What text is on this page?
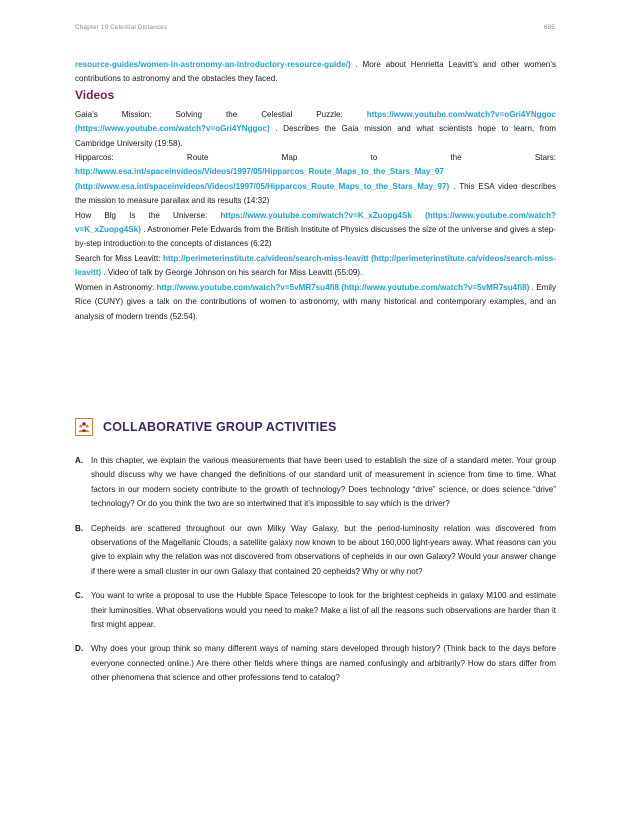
Chapter 19 Celestial Distances	685

resource-guides/women-in-astronomy-an-introductory-resource-guide/) . More about Henrietta Leavitt’s and other women’s contributions to astronomy and the obstacles they faced.

Videos

Gaia’s Mission: Solving the Celestial Puzzle:	https://www.youtube.com/watch?v=oGri4YNggoc (https://www.youtube.com/watch?v=oGri4YNggoc) . Describes the Gaia mission and what scientists hope to learn, from Cambridge University (19:58).

Hipparcos: Route Map to the Stars: http://www.esa.int/spaceinvideos/Videos/1997/05/Hipparcos_Route_Maps_to_the_Stars_May_97 (http://www.esa.int/spaceinvideos/Videos/1997/05/Hipparcos_Route_Maps_to_the_Stars_May_97) . This ESA video describes the mission to measure parallax and its results (14:32)

How Big Is the Universe: https://www.youtube.com/watch?v=K_xZuopg4Sk (https://www.youtube.com/watch?v=K_xZuopg4Sk) . Astronomer Pete Edwards from the British Institute of Physics discusses the size of the universe and gives a step-by-step introduction to the concepts of distances (6:22)

Search for Miss Leavitt: http://perimeterinstitute.ca/videos/search-miss-leavitt (http://perimeterinstitute.ca/videos/search-miss-leavitt) . Video of talk by George Johnson on his search for Miss Leavitt (55:09).

Women in Astronomy: http://www.youtube.com/watch?v=5vMR7su4fi8 (http://www.youtube.com/watch?v=5vMR7su4fi8) . Emily Rice (CUNY) gives a talk on the contributions of women to astronomy, with many historical and contemporary examples, and an analysis of modern trends (52:54).

COLLABORATIVE GROUP ACTIVITIES
A. In this chapter, we explain the various measurements that have been used to establish the size of a standard meter. Your group should discuss why we have changed the definitions of our standard unit of measurement in science from time to time. What factors in our modern society contribute to the growth of technology? Does technology “drive” science, or does science “drive” technology? Or do you think the two are so intertwined that it’s impossible to say which is the driver?

B. Cepheids are scattered throughout our own Milky Way Galaxy, but the period-luminosity relation was discovered from observations of the Magellanic Clouds, a satellite galaxy now known to be about 160,000 light-years away. What reasons can you give to explain why the relation was not discovered from observations of cepheids in our own Galaxy? Would your answer change if there were a small cluster in our own Galaxy that contained 20 cepheids? Why or why not?

C. You want to write a proposal to use the Hubble Space Telescope to look for the brightest cepheids in galaxy M100 and estimate their luminosities. What observations would you need to make? Make a list of all the reasons such observations are harder than it first might appear.

D. Why does your group think so many different ways of naming stars developed through history? (Think back to the days before everyone connected online.) Are there other fields where things are named confusingly and arbitrarily? How do stars differ from other phenomena that science and other professions tend to catalog?
